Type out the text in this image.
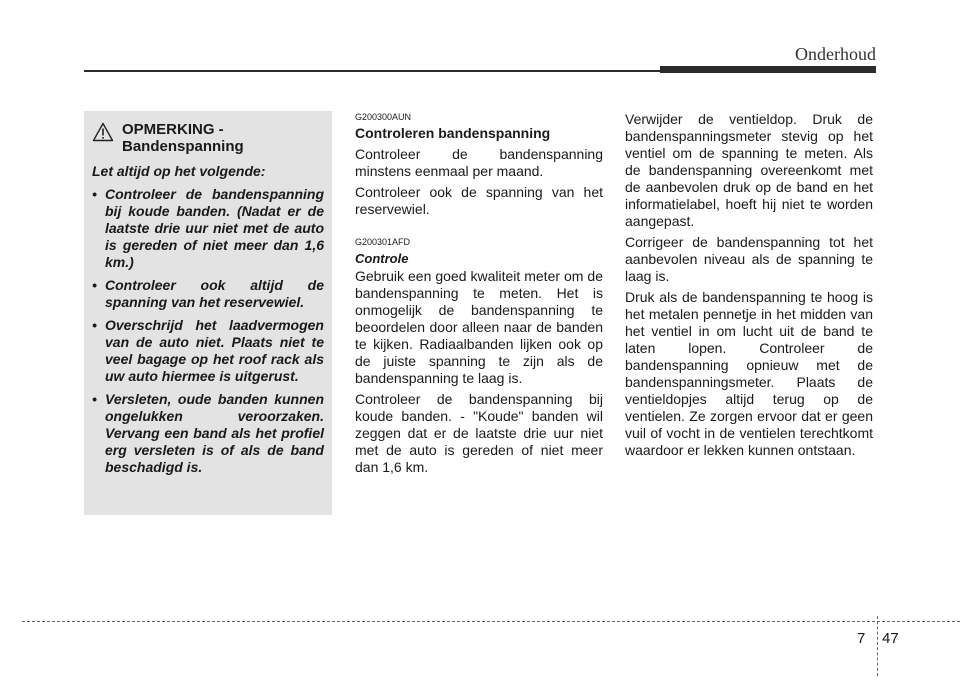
Onderhoud
OPMERKING -
Bandenspanning
Let altijd op het volgende:
• Controleer de bandenspanning bij koude banden. (Nadat er de laatste drie uur niet met de auto is gereden of niet meer dan 1,6 km.)
• Controleer ook altijd de spanning van het reservewiel.
• Overschrijd het laadvermogen van de auto niet. Plaats niet te veel bagage op het roof rack als uw auto hiermee is uitgerust.
• Versleten, oude banden kunnen ongelukken veroorzaken. Vervang een band als het profiel erg versleten is of als de band beschadigd is.
G200300AUN
Controleren bandenspanning

Controleer de bandenspanning minstens eenmaal per maand.

Controleer ook de spanning van het reservewiel.

G200301AFD
Controle

Gebruik een goed kwaliteit meter om de bandenspanning te meten. Het is onmogelijk de bandenspanning te beoordelen door alleen naar de banden te kijken. Radiaalbanden lijken ook op de juiste spanning te zijn als de bandenspanning te laag is.

Controleer de bandenspanning bij koude banden. - "Koude" banden wil zeggen dat er de laatste drie uur niet met de auto is gereden of niet meer dan 1,6 km.

Verwijder de ventieldop. Druk de bandenspanningsmeter stevig op het ventiel om de spanning te meten. Als de bandenspanning overeenkomt met de aanbevolen druk op de band en het informatielabel, hoeft hij niet te worden aangepast.

Corrigeer de bandenspanning tot het aanbevolen niveau als de spanning te laag is.

Druk als de bandenspanning te hoog is het metalen pennetje in het midden van het ventiel in om lucht uit de band te laten lopen. Controleer de bandenspanning opnieuw met de bandenspanningsmeter. Plaats de ventieldopjes altijd terug op de ventielen. Ze zorgen ervoor dat er geen vuil of vocht in de ventielen terechtkomt waardoor er lekken kunnen ontstaan.

7 47
